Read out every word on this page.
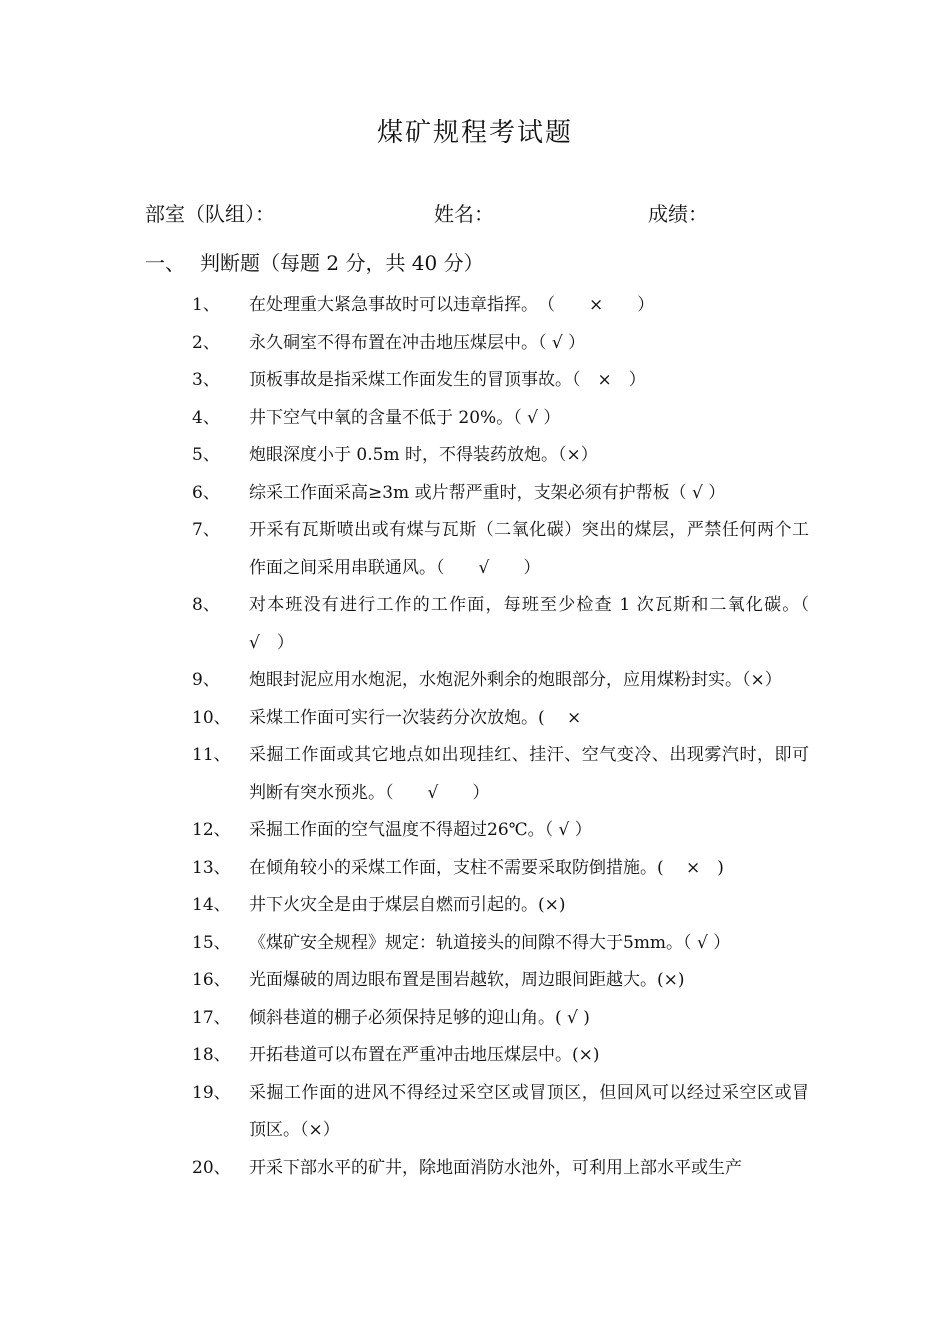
煤矿规程考试题
部室（队组）：	姓名：	成绩：
一、 判断题（每题 2 分，共 40 分）
1、 在处理重大紧急事故时可以违章指挥。　（　　×　　）
2、 永久硐室不得布置在冲击地压煤层中。（ √ ）
3、 顶板事故是指采煤工作面发生的冒顶事故。（　×　）
4、 井下空气中氧的含量不低于 20%。（ √ ）
5、 炮眼深度小于 0.5m 时，不得装药放炮。（×）
6、 综采工作面采高≥3m 或片帮严重时，支架必须有护帮板（ √ ）
7、 开采有瓦斯喷出或有煤与瓦斯（二氧化碳）突出的煤层，严禁任何两个工作面之间采用串联通风。（　　√　　）
8、 对本班没有进行工作的工作面，每班至少检查 1 次瓦斯和二氧化碳。（　√　）
9、 炮眼封泥应用水炮泥，水炮泥外剩余的炮眼部分，应用煤粉封实。（×）
10、 采煤工作面可实行一次装药分次放炮。(　 ×
11、 采掘工作面或其它地点如出现挂红、挂汗、空气变冷、出现雾汽时，即可判断有突水预兆。（　　√　　）
12、 采掘工作面的空气温度不得超过26℃。（ √ ）
13、 在倾角较小的采煤工作面，支柱不需要采取防倒措施。(　 ×　)
14、 井下火灾全是由于煤层自燃而引起的。(×)
15、 《煤矿安全规程》规定：轨道接头的间隙不得大于5mm。（ √ ）
16、 光面爆破的周边眼布置是围岩越软，周边眼间距越大。(×)
17、 倾斜巷道的棚子必须保持足够的迎山角。( √ )
18、 开拓巷道可以布置在严重冲击地压煤层中。(×)
19、 采掘工作面的进风不得经过采空区或冒顶区，但回风可以经过采空区或冒顶区。（×）
20、 开采下部水平的矿井，除地面消防水池外，可利用上部水平或生产
